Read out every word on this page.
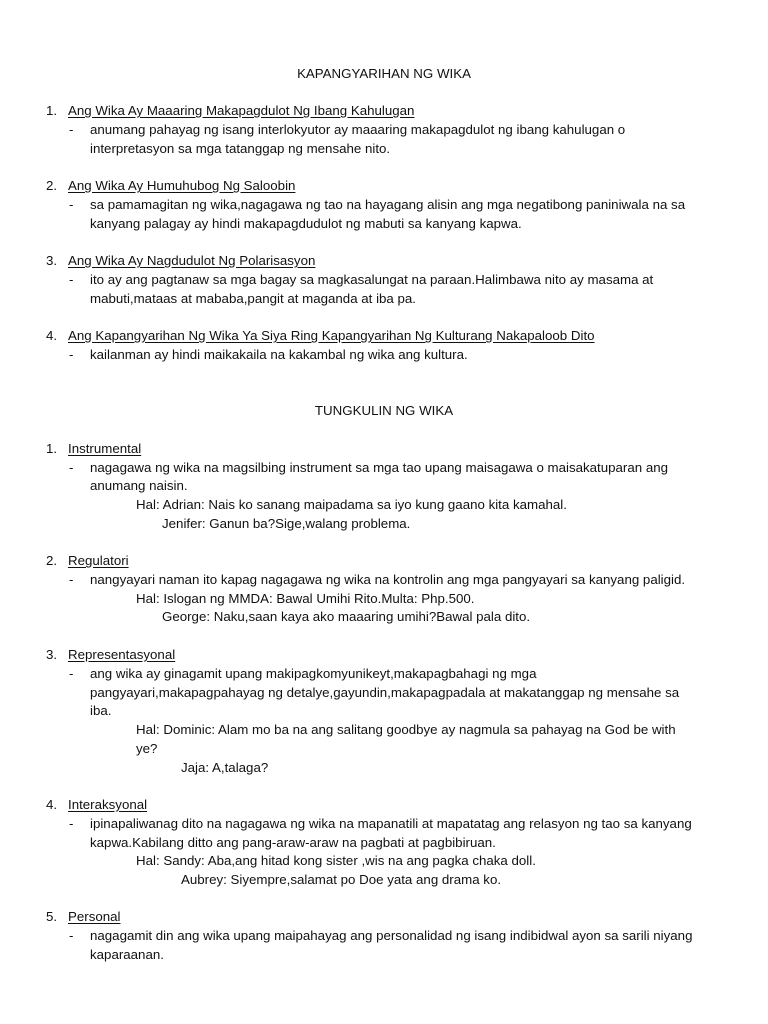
KAPANGYARIHAN NG WIKA
1. Ang Wika Ay Maaaring Makapagdulot Ng Ibang Kahulugan
- anumang pahayag ng isang interlokyutor ay maaaring makapagdulot ng ibang kahulugan o
interpretasyon sa mga tatanggap ng mensahe nito.
2. Ang Wika Ay Humuhubog Ng Saloobin
- sa pamamagitan ng wika,nagagawa ng tao na hayagang alisin ang mga negatibong paniniwala na sa
kanyang palagay ay hindi makapagdudulot ng mabuti sa kanyang kapwa.
3. Ang Wika Ay Nagdudulot Ng Polarisasyon
- ito ay ang pagtanaw sa mga bagay sa magkasalungat na paraan.Halimbawa nito ay masama at
mabuti,mataas at mababa,pangit at maganda at iba pa.
4. Ang Kapangyarihan Ng Wika Ya Siya Ring Kapangyarihan Ng Kulturang Nakapaloob Dito
- kailanman ay hindi maikakaila na kakambal ng wika ang kultura.
TUNGKULIN NG WIKA
1. Instrumental
- nagagawa ng wika na magsilbing instrument sa mga tao upang maisagawa o maisakatuparan ang
anumang naisin.
Hal: Adrian: Nais ko sanang maipadama sa iyo kung gaano kita kamahal.
Jenifer: Ganun ba?Sige,walang problema.
2. Regulatori
- nangyayari naman ito kapag nagagawa ng wika na kontrolin ang mga pangyayari sa kanyang paligid.
Hal: Islogan ng MMDA: Bawal Umihi Rito.Multa: Php.500.
George: Naku,saan kaya ako maaaring umihi?Bawal pala dito.
3. Representasyonal
- ang wika ay ginagamit upang makipagkomyunikeyt,makapagbahagi ng mga
pangyayari,makapagpahayag ng detalye,gayundin,makapagpadala at makatanggap ng mensahe sa
iba.
Hal: Dominic: Alam mo ba na ang salitang goodbye ay nagmula sa pahayag na God be with
ye?
Jaja: A,talaga?
4. Interaksyonal
- ipinapaliwanag dito na nagagawa ng wika na mapanatili at mapatatag ang relasyon ng tao sa kanyang
kapwa.Kabilang ditto ang pang-araw-araw na pagbati at pagbibiruan.
Hal: Sandy: Aba,ang hitad kong sister ,wis na ang pagka chaka doll.
Aubrey: Siyempre,salamat po Doe yata ang drama ko.
5. Personal
- nagagamit din ang wika upang maipahayag ang personalidad ng isang indibidwal ayon sa sarili niyang
kaparaanan.
